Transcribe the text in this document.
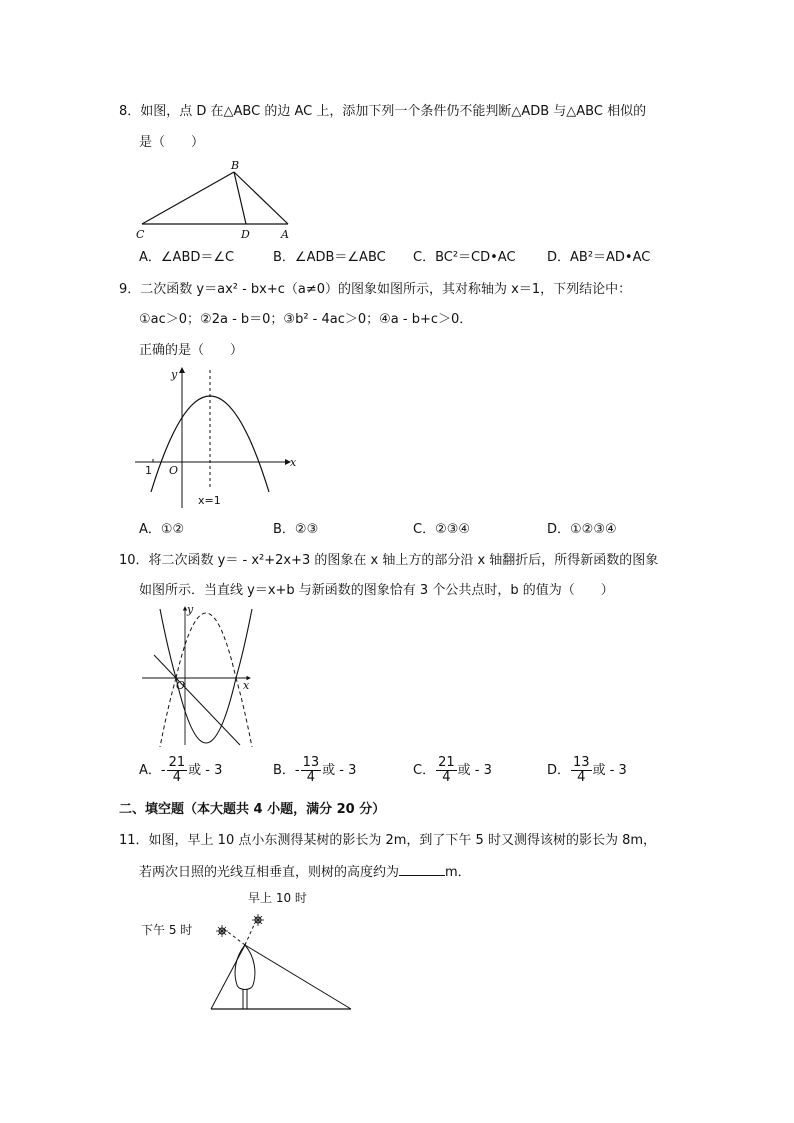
8．如图，点 D 在△ABC 的边 AC 上，添加下列一个条件仍不能判断△ADB 与△ABC 相似的
是（　　）
B
C	D	A
A．∠ABD＝∠C	B．∠ADB＝∠ABC C．BC²＝CD•AC D．AB²＝AD•AC
9．二次函数 y＝ax² - bx+c（a≠0）的图象如图所示，其对称轴为 x＝1，下列结论中：
①ac＞0；②2a - b＝0；③b² - 4ac＞0；④a - b+c＞0．
正确的是（　　）
y
x
O
1
x=1
A．①②	B．②③	C．②③④	D．①②③④
10．将二次函数 y＝ - x²+2x+3 的图象在 x 轴上方的部分沿 x 轴翻折后，所得新函数的图象
如图所示．当直线 y＝x+b 与新函数的图象恰有 3 个公共点时，b 的值为（　　）
y
x
O
A．- $\frac{21}{4}$ 或 - 3	B．- $\frac{13}{4}$ 或 - 3	C． $\frac{21}{4}$ 或 - 3	D． $\frac{13}{4}$ 或 - 3
二、填空题（本大题共 4 小题，满分 20 分）
11．如图，早上 10 点小东测得某树的影长为 2m，到了下午 5 时又测得该树的影长为 8m，
若两次日照的光线互相垂直，则树的高度约为	m．
早上 10 时
下午 5 时
